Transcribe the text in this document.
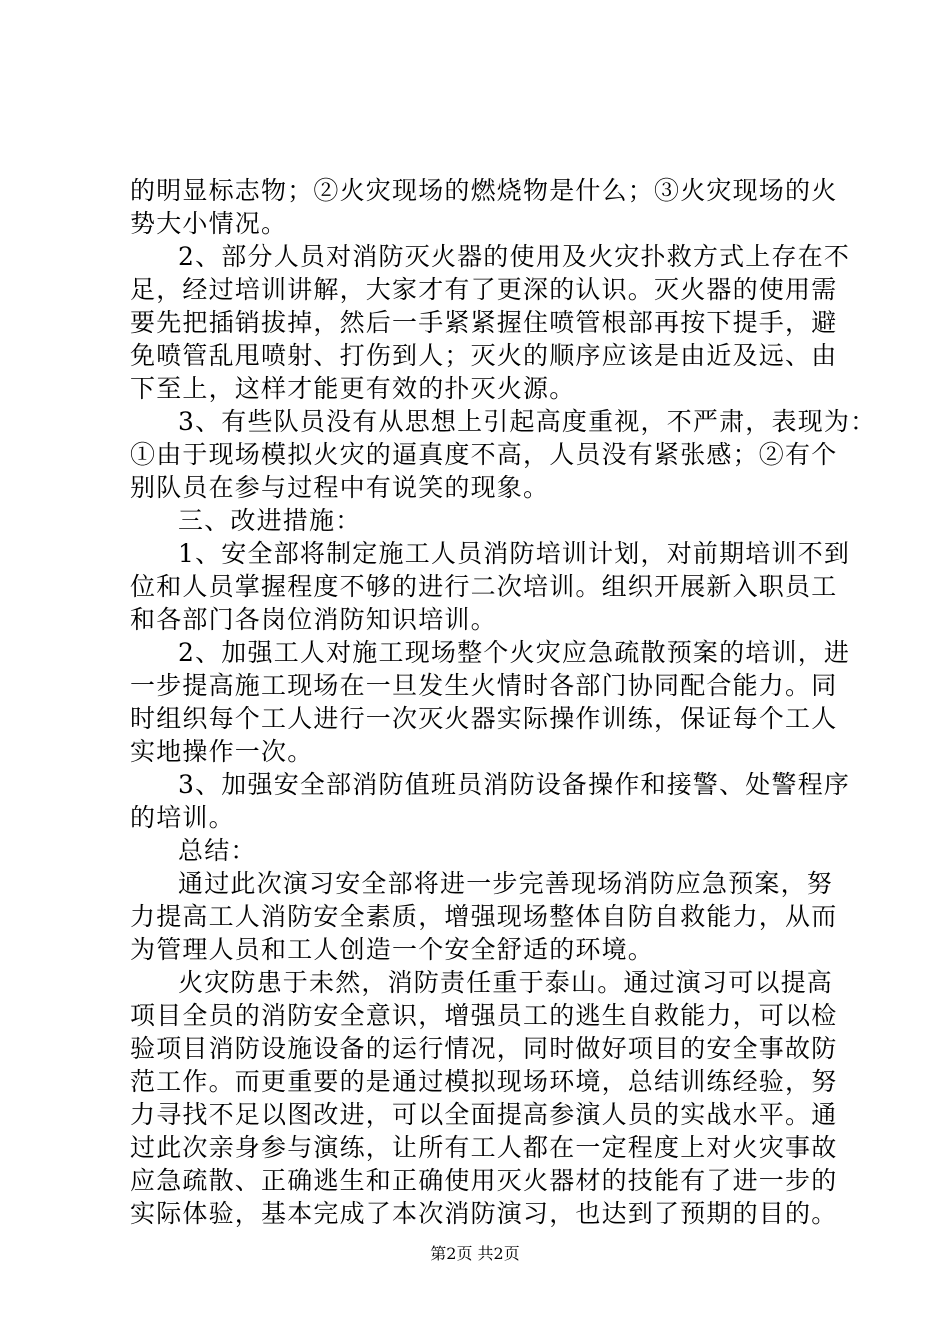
的明显标志物；②火灾现场的燃烧物是什么；③火灾现场的火
势大小情况。
2、部分人员对消防灭火器的使用及火灾扑救方式上存在不
足，经过培训讲解，大家才有了更深的认识。灭火器的使用需
要先把插销拔掉，然后一手紧紧握住喷管根部再按下提手，避
免喷管乱甩喷射、打伤到人；灭火的顺序应该是由近及远、由
下至上，这样才能更有效的扑灭火源。
3、有些队员没有从思想上引起高度重视，不严肃，表现为：
①由于现场模拟火灾的逼真度不高，人员没有紧张感；②有个
别队员在参与过程中有说笑的现象。
三、改进措施：
1、安全部将制定施工人员消防培训计划，对前期培训不到
位和人员掌握程度不够的进行二次培训。组织开展新入职员工
和各部门各岗位消防知识培训。
2、加强工人对施工现场整个火灾应急疏散预案的培训，进
一步提高施工现场在一旦发生火情时各部门协同配合能力。同
时组织每个工人进行一次灭火器实际操作训练，保证每个工人
实地操作一次。
3、加强安全部消防值班员消防设备操作和接警、处警程序
的培训。
总结：
通过此次演习安全部将进一步完善现场消防应急预案，努
力提高工人消防安全素质，增强现场整体自防自救能力，从而
为管理人员和工人创造一个安全舒适的环境。
火灾防患于未然，消防责任重于泰山。通过演习可以提高
项目全员的消防安全意识，增强员工的逃生自救能力，可以检
验项目消防设施设备的运行情况，同时做好项目的安全事故防
范工作。而更重要的是通过模拟现场环境，总结训练经验，努
力寻找不足以图改进，可以全面提高参演人员的实战水平。通
过此次亲身参与演练，让所有工人都在一定程度上对火灾事故
应急疏散、正确逃生和正确使用灭火器材的技能有了进一步的
实际体验，基本完成了本次消防演习，也达到了预期的目的。
第2页 共2页
